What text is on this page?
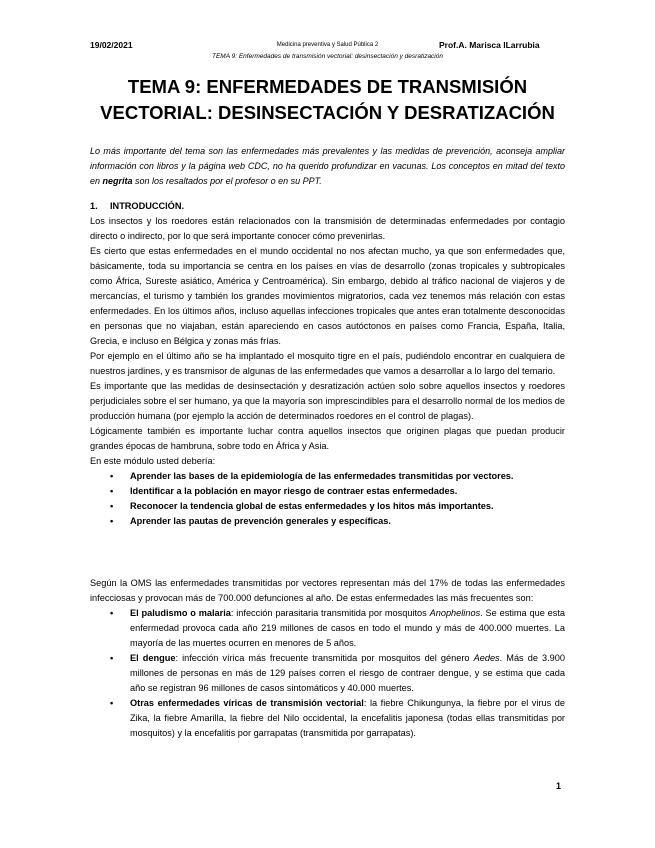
19/02/2021	Medicina preventiva y Salud Pública 2	Prof.A. Marisca lLarrubia
TEMA 9: Enfermedades de transmisión vectorial: desinsectación y desratización
TEMA 9: ENFERMEDADES DE TRANSMISIÓN
VECTORIAL: DESINSECTACIÓN Y DESRATIZACIÓN
Lo más importante del tema son las enfermedades más prevalentes y las medidas de prevención, aconseja ampliar información con libros y la página web CDC, no ha querido profundizar en vacunas. Los conceptos en mitad del texto en negrita son los resaltados por el profesor o en su PPT.
1. INTRODUCCIÓN.

Los insectos y los roedores están relacionados con la transmisión de determinadas enfermedades por contagio directo o indirecto, por lo que será importante conocer cómo prevenirlas.

Es cierto que estas enfermedades en el mundo occidental no nos afectan mucho, ya que son enfermedades que, básicamente, toda su importancia se centra en los países en vías de desarrollo (zonas tropicales y subtropicales como África, Sureste asiático, América y Centroamérica). Sin embargo, debido al tráfico nacional de viajeros y de mercancías, el turismo y también los grandes movimientos migratorios, cada vez tenemos más relación con estas enfermedades. En los últimos años, incluso aquellas infecciones tropicales que antes eran totalmente desconocidas en personas que no viajaban, están apareciendo en casos autóctonos en países como Francia, España, Italia, Grecia, e incluso en Bélgica y zonas más frías.

Por ejemplo en el último año se ha implantado el mosquito tigre en el país, pudiéndolo encontrar en cualquiera de nuestros jardines, y es transmisor de algunas de las enfermedades que vamos a desarrollar a lo largo del temario.

Es importante que las medidas de desinsectación y desratización actúen solo sobre aquellos insectos y roedores perjudiciales sobre el ser humano, ya que la mayoría son imprescindibles para el desarrollo normal de los medios de producción humana (por ejemplo la acción de determinados roedores en el control de plagas).

Lógicamente también es importante luchar contra aquellos insectos que originen plagas que puedan producir grandes épocas de hambruna, sobre todo en África y Asia.

En este módulo usted debería:

• Aprender las bases de la epidemiología de las enfermedades transmitidas por vectores.
• Identificar a la población en mayor riesgo de contraer estas enfermedades.
• Reconocer la tendencia global de estas enfermedades y los hitos más importantes.
• Aprender las pautas de prevención generales y específicas.

Según la OMS las enfermedades transmitidas por vectores representan más del 17% de todas las enfermedades infecciosas y provocan más de 700.000 defunciones al año. De estas enfermedades las más frecuentes son:

• El paludismo o malaria: infección parasitaria transmitida por mosquitos Anophelinos. Se estima que esta enfermedad provoca cada año 219 millones de casos en todo el mundo y más de 400.000 muertes. La mayoría de las muertes ocurren en menores de 5 años.
• El dengue: infección vírica más frecuente transmitida por mosquitos del género Aedes. Más de 3.900 millones de personas en más de 129 países corren el riesgo de contraer dengue, y se estima que cada año se registran 96 millones de casos sintomáticos y 40.000 muertes.
• Otras enfermedades víricas de transmisión vectorial: la fiebre Chikungunya, la fiebre por el virus de Zika, la fiebre Amarilla, la fiebre del Nilo occidental, la encefalitis japonesa (todas ellas transmitidas por mosquitos) y la encefalitis por garrapatas (transmitida por garrapatas).
1
